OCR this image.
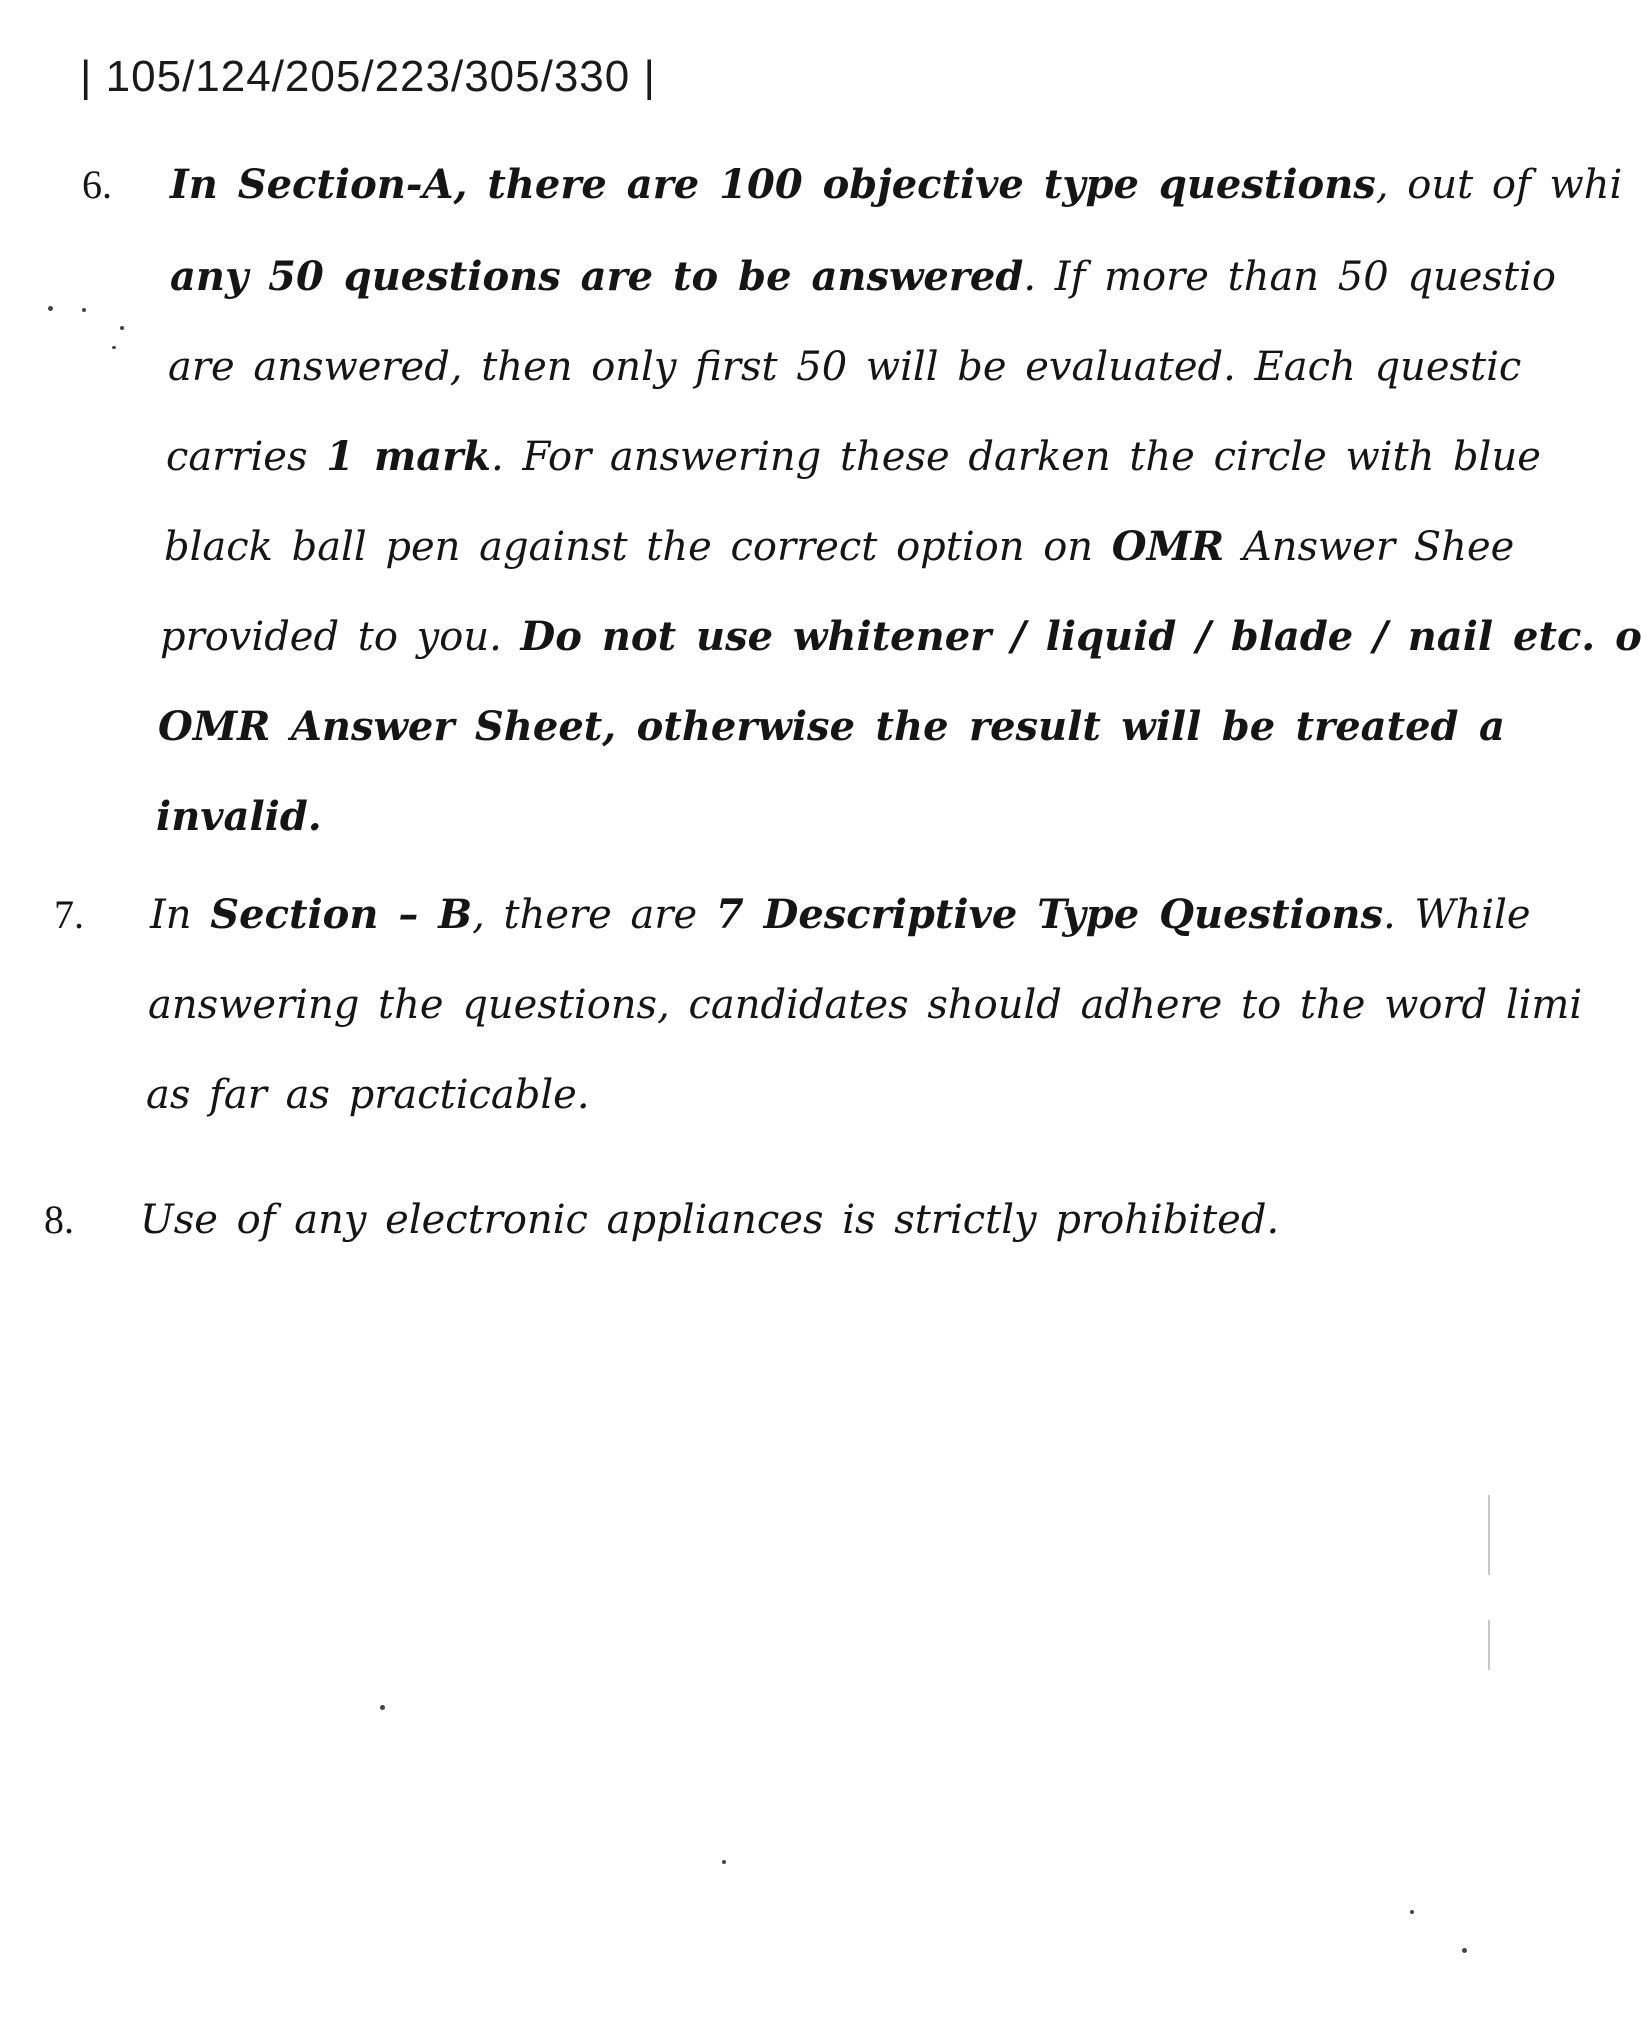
| 105/124/205/223/305/330 |
6. In Section-A, there are 100 objective type questions, out of whi
any 50 questions are to be answered. If more than 50 questio
are answered, then only first 50 will be evaluated. Each questic
carries 1 mark. For answering these darken the circle with blue
black ball pen against the correct option on OMR Answer Shee
provided to you. Do not use whitener / liquid / blade / nail etc. o
OMR Answer Sheet, otherwise the result will be treated a
invalid.
7. In Section – B, there are 7 Descriptive Type Questions. While
answering the questions, candidates should adhere to the word limi
as far as practicable.
8. Use of any electronic appliances is strictly prohibited.
